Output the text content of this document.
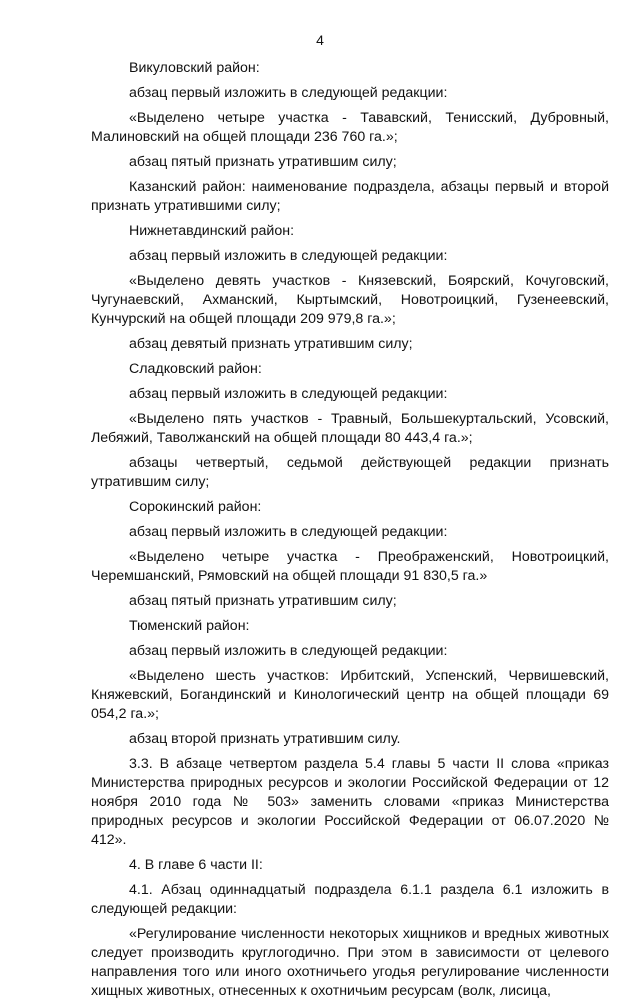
4

Викуловский район:

абзац первый изложить в следующей редакции:

«Выделено четыре участка - Тававский, Тенисский, Дубровный, Малиновский на общей площади 236 760 га.»;

абзац пятый признать утратившим силу;

Казанский район: наименование подраздела, абзацы первый и второй признать утратившими силу;

Нижнетавдинский район:

абзац первый изложить в следующей редакции:

«Выделено девять участков - Князевский, Боярский, Кочуговский, Чугунаевский, Ахманский, Кыртымский, Новотроицкий, Гузенеевский, Кунчурский на общей площади 209 979,8 га.»;

абзац девятый признать утратившим силу;

Сладковский район:

абзац первый изложить в следующей редакции:

«Выделено пять участков - Травный, Большекуртальский, Усовский, Лебяжий, Таволжанский на общей площади 80 443,4 га.»;

абзацы четвертый, седьмой действующей редакции признать утратившим силу;

Сорокинский район:

абзац первый изложить в следующей редакции:

«Выделено четыре участка - Преображенский, Новотроицкий, Черемшанский, Рямовский на общей площади 91 830,5 га.»

абзац пятый признать утратившим силу;

Тюменский район:

абзац первый изложить в следующей редакции:

«Выделено шесть участков: Ирбитский, Успенский, Червишевский, Княжевский, Богандинский и Кинологический центр на общей площади 69 054,2 га.»;

абзац второй признать утратившим силу.

3.3. В абзаце четвертом раздела 5.4 главы 5 части II слова «приказ Министерства природных ресурсов и экологии Российской Федерации от 12 ноября 2010 года № 503» заменить словами «приказ Министерства природных ресурсов и экологии Российской Федерации от 06.07.2020 № 412».

4. В главе 6 части II:

4.1. Абзац одиннадцатый подраздела 6.1.1 раздела 6.1 изложить в следующей редакции:

«Регулирование численности некоторых хищников и вредных животных следует производить круглогодично. При этом в зависимости от целевого направления того или иного охотничьего угодья регулирование численности хищных животных, отнесенных к охотничьим ресурсам (волк, лисица,
